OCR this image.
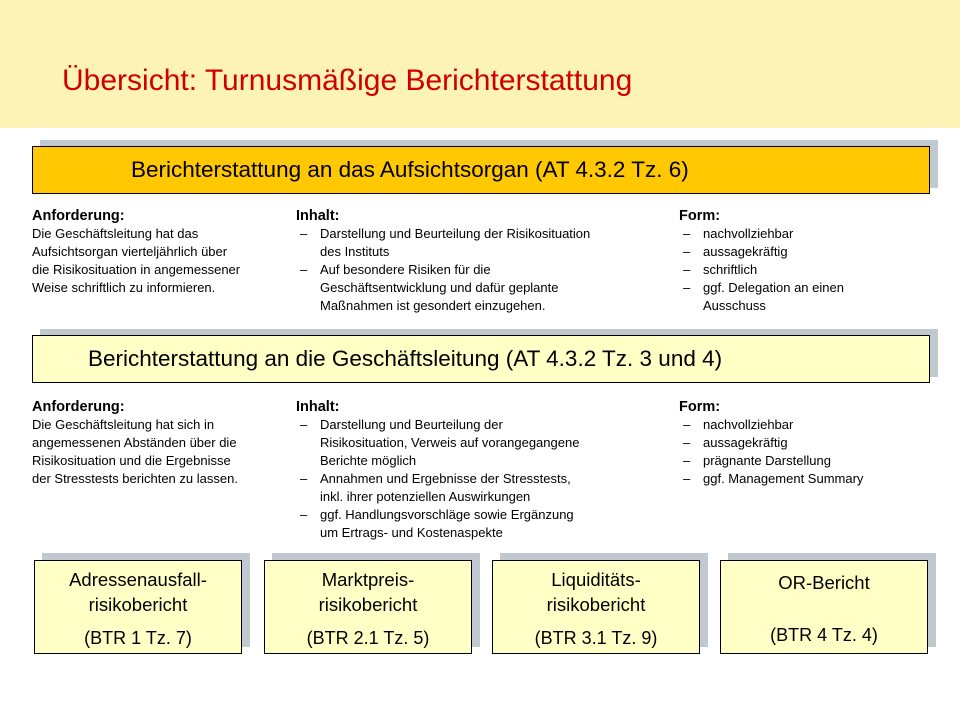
Übersicht: Turnusmäßige Berichterstattung
Berichterstattung an das Aufsichtsorgan (AT 4.3.2 Tz. 6)
Anforderung:
Die Geschäftsleitung hat das
Aufsichtsorgan vierteljährlich über
die Risikosituation in angemessener
Weise schriftlich zu informieren.
Inhalt:
– Darstellung und Beurteilung der Risikosituation
des Instituts
– Auf besondere Risiken für die
Geschäftsentwicklung und dafür geplante
Maßnahmen ist gesondert einzugehen.
Form:
– nachvollziehbar
– aussagekräftig
– schriftlich
– ggf. Delegation an einen
Ausschuss
Berichterstattung an die Geschäftsleitung (AT 4.3.2 Tz. 3 und 4)
Anforderung:
Die Geschäftsleitung hat sich in
angemessenen Abständen über die
Risikosituation und die Ergebnisse
der Stresstests berichten zu lassen.
Inhalt:
– Darstellung und Beurteilung der
Risikosituation, Verweis auf vorangegangene
Berichte möglich
– Annahmen und Ergebnisse der Stresstests,
inkl. ihrer potenziellen Auswirkungen
– ggf. Handlungsvorschläge sowie Ergänzung
um Ertrags- und Kostenaspekte
Form:
– nachvollziehbar
– aussagekräftig
– prägnante Darstellung
– ggf. Management Summary
Adressenausfall-
risikobericht
(BTR 1 Tz. 7)
Marktpreis-
risikobericht
(BTR 2.1 Tz. 5)
Liquiditäts-
risikobericht
(BTR 3.1 Tz. 9)
OR-Bericht
(BTR 4 Tz. 4)
